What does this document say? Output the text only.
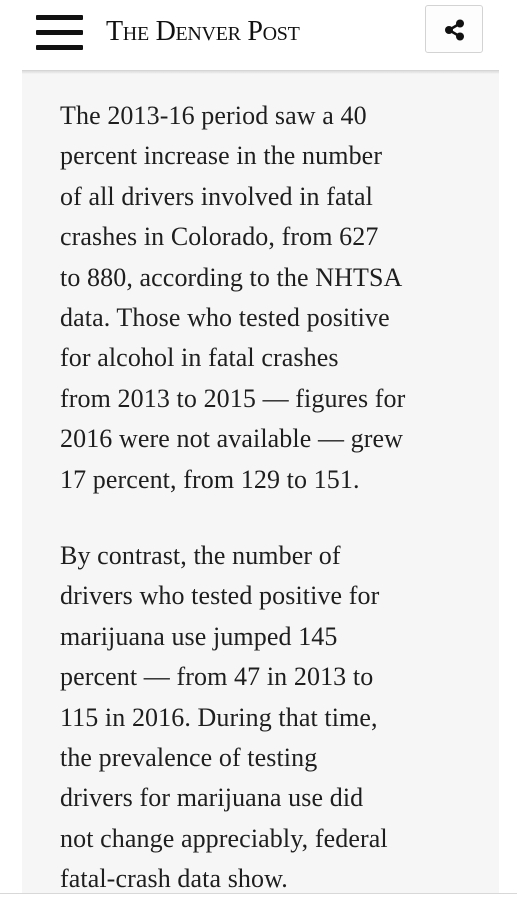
The Denver Post

The 2013-16 period saw a 40
percent increase in the number
of all drivers involved in fatal
crashes in Colorado, from 627
to 880, according to the NHTSA
data. Those who tested positive
for alcohol in fatal crashes
from 2013 to 2015 — figures for
2016 were not available — grew
17 percent, from 129 to 151.

By contrast, the number of
drivers who tested positive for
marijuana use jumped 145
percent — from 47 in 2013 to
115 in 2016. During that time,
the prevalence of testing
drivers for marijuana use did
not change appreciably, federal
fatal-crash data show.
